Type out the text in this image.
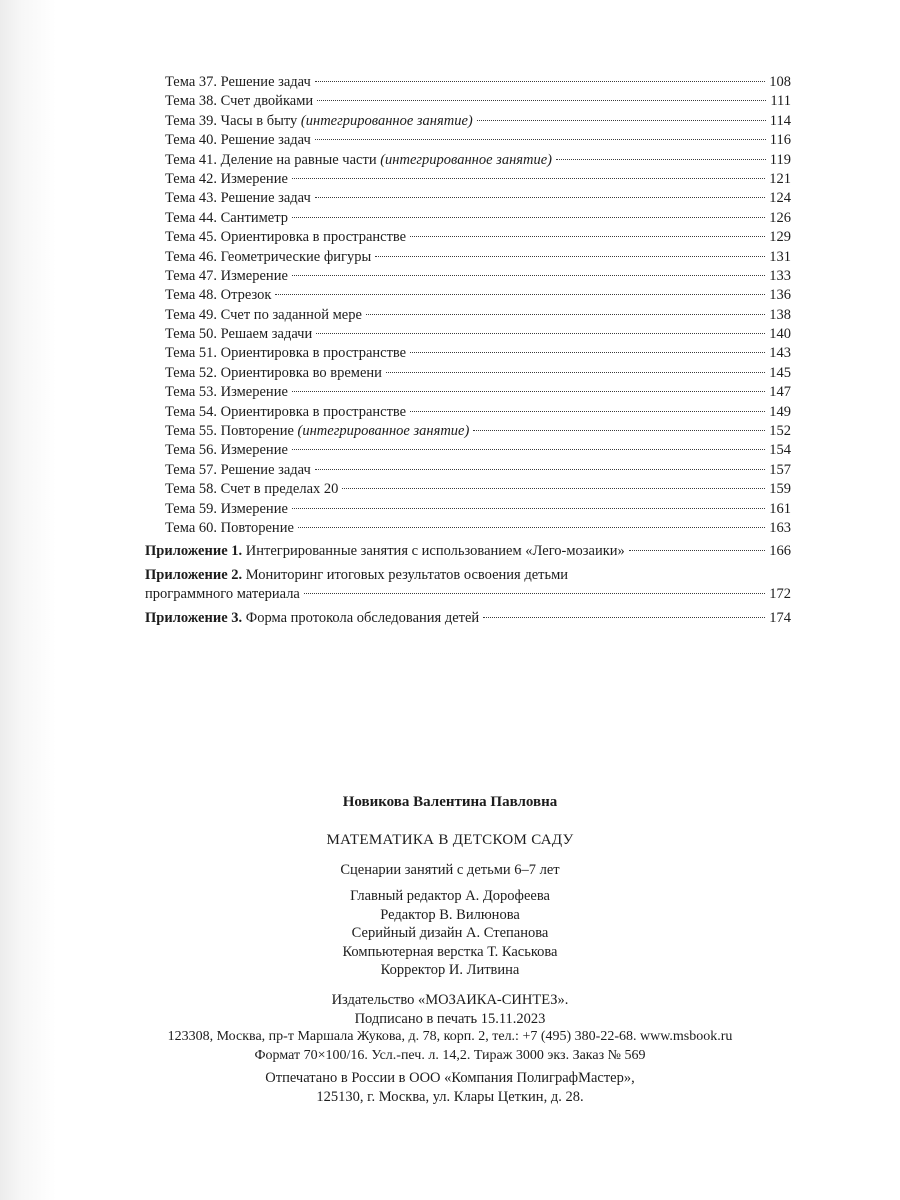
Тема 37. Решение задач	108
Тема 38. Счет двойками	111
Тема 39. Часы в быту (интегрированное занятие)	114
Тема 40. Решение задач	116
Тема 41. Деление на равные части (интегрированное занятие)	119
Тема 42. Измерение	121
Тема 43. Решение задач	124
Тема 44. Сантиметр	126
Тема 45. Ориентировка в пространстве	129
Тема 46. Геометрические фигуры	131
Тема 47. Измерение	133
Тема 48. Отрезок	136
Тема 49. Счет по заданной мере	138
Тема 50. Решаем задачи	140
Тема 51. Ориентировка в пространстве	143
Тема 52. Ориентировка во времени	145
Тема 53. Измерение	147
Тема 54. Ориентировка в пространстве	149
Тема 55. Повторение (интегрированное занятие)	152
Тема 56. Измерение	154
Тема 57. Решение задач	157
Тема 58. Счет в пределах 20	159
Тема 59. Измерение	161
Тема 60. Повторение	163
Приложение 1. Интегрированные занятия с использованием «Лего-мозаики»	166
Приложение 2. Мониторинг итоговых результатов освоения детьми
программного материала	172
Приложение 3. Форма протокола обследования детей	174
Новикова Валентина Павловна
МАТЕМАТИКА В ДЕТСКОМ САДУ
Сценарии занятий с детьми 6–7 лет
Главный редактор А. Дорофеева
Редактор В. Вилюнова
Серийный дизайн А. Степанова
Компьютерная верстка Т. Каськова
Корректор И. Литвина
Издательство «МОЗАИКА-СИНТЕЗ».
Подписано в печать 15.11.2023
123308, Москва, пр-т Маршала Жукова, д. 78, корп. 2, тел.: +7 (495) 380-22-68. www.msbook.ru
Формат 70×100/16. Усл.-печ. л. 14,2. Тираж 3000 экз. Заказ № 569
Отпечатано в России в ООО «Компания ПолиграфМастер»,
125130, г. Москва, ул. Клары Цеткин, д. 28.
